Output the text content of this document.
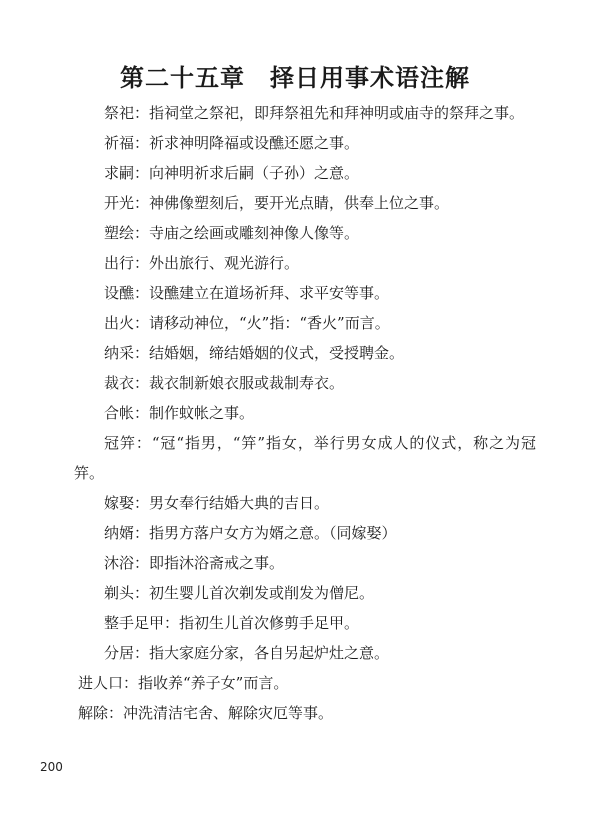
第二十五章　择日用事术语注解
祭祀：指祠堂之祭祀，即拜祭祖先和拜神明或庙寺的祭拜之事。
祈福：祈求神明降福或设醮还愿之事。
求嗣：向神明祈求后嗣（子孙）之意。
开光：神佛像塑刻后，要开光点睛，供奉上位之事。
塑绘：寺庙之绘画或雕刻神像人像等。
出行：外出旅行、观光游行。
设醮：设醮建立在道场祈拜、求平安等事。
出火：请移动神位，“火”指：“香火”而言。
纳采：结婚姻，缔结婚姻的仪式，受授聘金。
裁衣：裁衣制新娘衣服或裁制寿衣。
合帐：制作蚊帐之事。
冠笄：“冠“指男，“笄”指女，举行男女成人的仪式，称之为冠笄。
嫁娶：男女奉行结婚大典的吉日。
纳婿：指男方落户女方为婿之意。（同嫁娶）
沐浴：即指沐浴斋戒之事。
剃头：初生婴儿首次剃发或削发为僧尼。
整手足甲：指初生儿首次修剪手足甲。
分居：指大家庭分家，各自另起炉灶之意。
进人口：指收养“养子女”而言。
解除：冲洗清洁宅舍、解除灾厄等事。
200
